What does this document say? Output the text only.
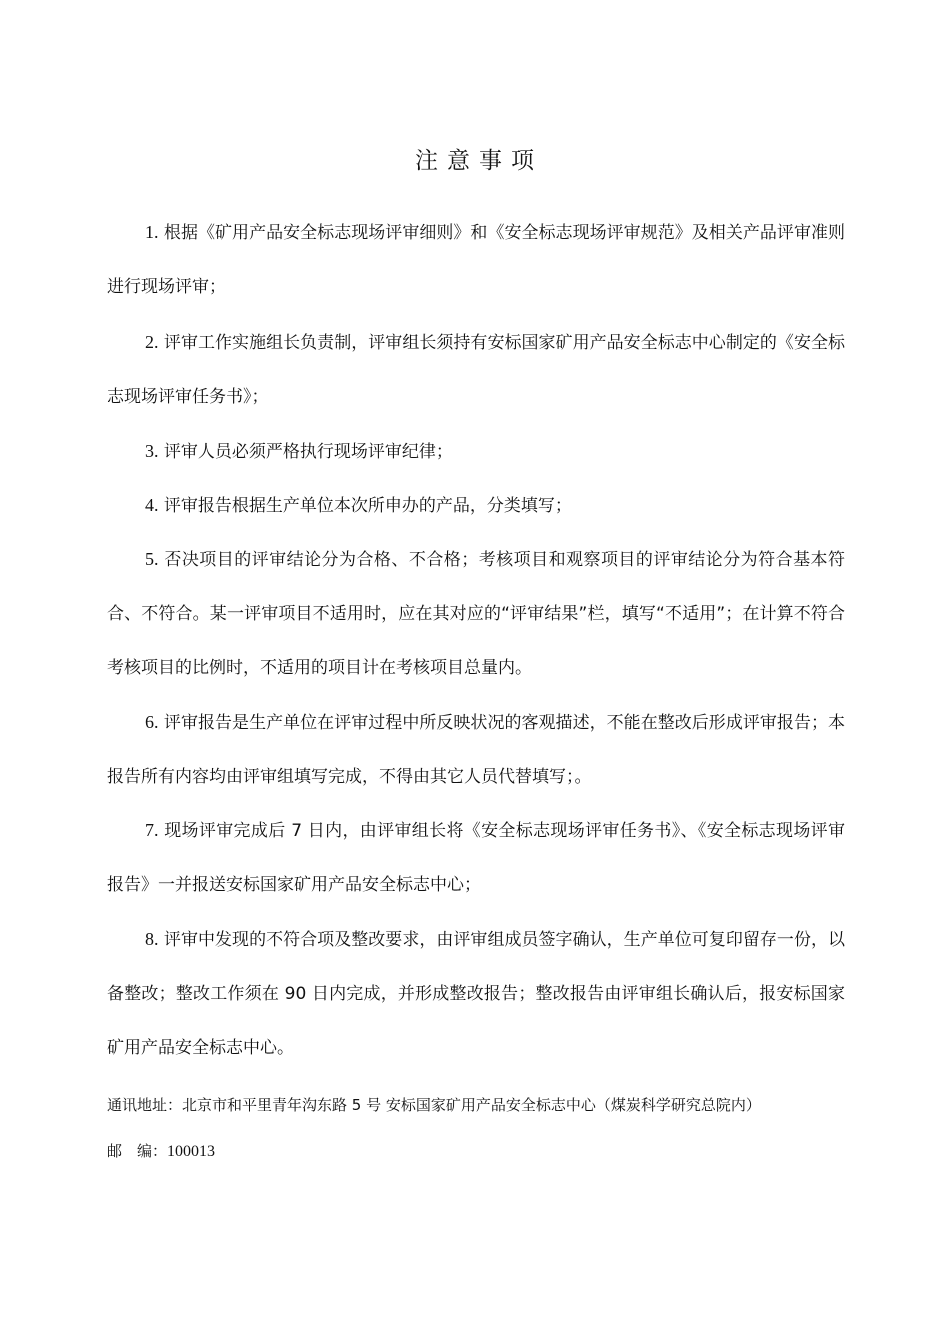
注意事项

1. 根据《矿用产品安全标志现场评审细则》和《安全标志现场评审规范》及相关产品评审准则进行现场评审；

2. 评审工作实施组长负责制，评审组长须持有安标国家矿用产品安全标志中心制定的《安全标志现场评审任务书》；

3. 评审人员必须严格执行现场评审纪律；

4. 评审报告根据生产单位本次所申办的产品，分类填写；

5. 否决项目的评审结论分为合格、不合格；考核项目和观察项目的评审结论分为符合基本符合、不符合。某一评审项目不适用时，应在其对应的“评审结果”栏，填写“不适用”；在计算不符合考核项目的比例时，不适用的项目计在考核项目总量内。

6. 评审报告是生产单位在评审过程中所反映状况的客观描述，不能在整改后形成评审报告；本报告所有内容均由评审组填写完成，不得由其它人员代替填写；。

7. 现场评审完成后 7 日内，由评审组长将《安全标志现场评审任务书》、《安全标志现场评审报告》一并报送安标国家矿用产品安全标志中心；

8. 评审中发现的不符合项及整改要求，由评审组成员签字确认，生产单位可复印留存一份，以备整改；整改工作须在 90 日内完成，并形成整改报告；整改报告由评审组长确认后，报安标国家矿用产品安全标志中心。

通讯地址：北京市和平里青年沟东路 5 号 安标国家矿用产品安全标志中心（煤炭科学研究总院内）

邮　编：100013
